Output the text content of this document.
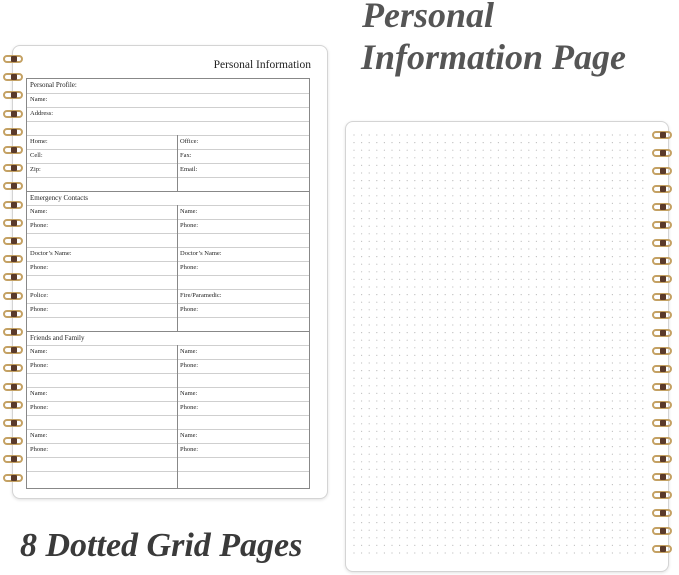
Personal
Information Page
8 Dotted Grid Pages
Personal Information
Personal Profile:
Name:
Address:
Home:	Office:
Cell:	Fax:
Zip:	Email:
Emergency Contacts
Name:	Name:
Phone:	Phone:
Doctor’s Name:	Doctor’s Name:
Phone:	Phone:
Police:	Fire/Paramedic:
Phone:	Phone:
Friends and Family
Name:	Name:
Phone:	Phone:
Name:	Name:
Phone:	Phone:
Name:	Name:
Phone:	Phone:
